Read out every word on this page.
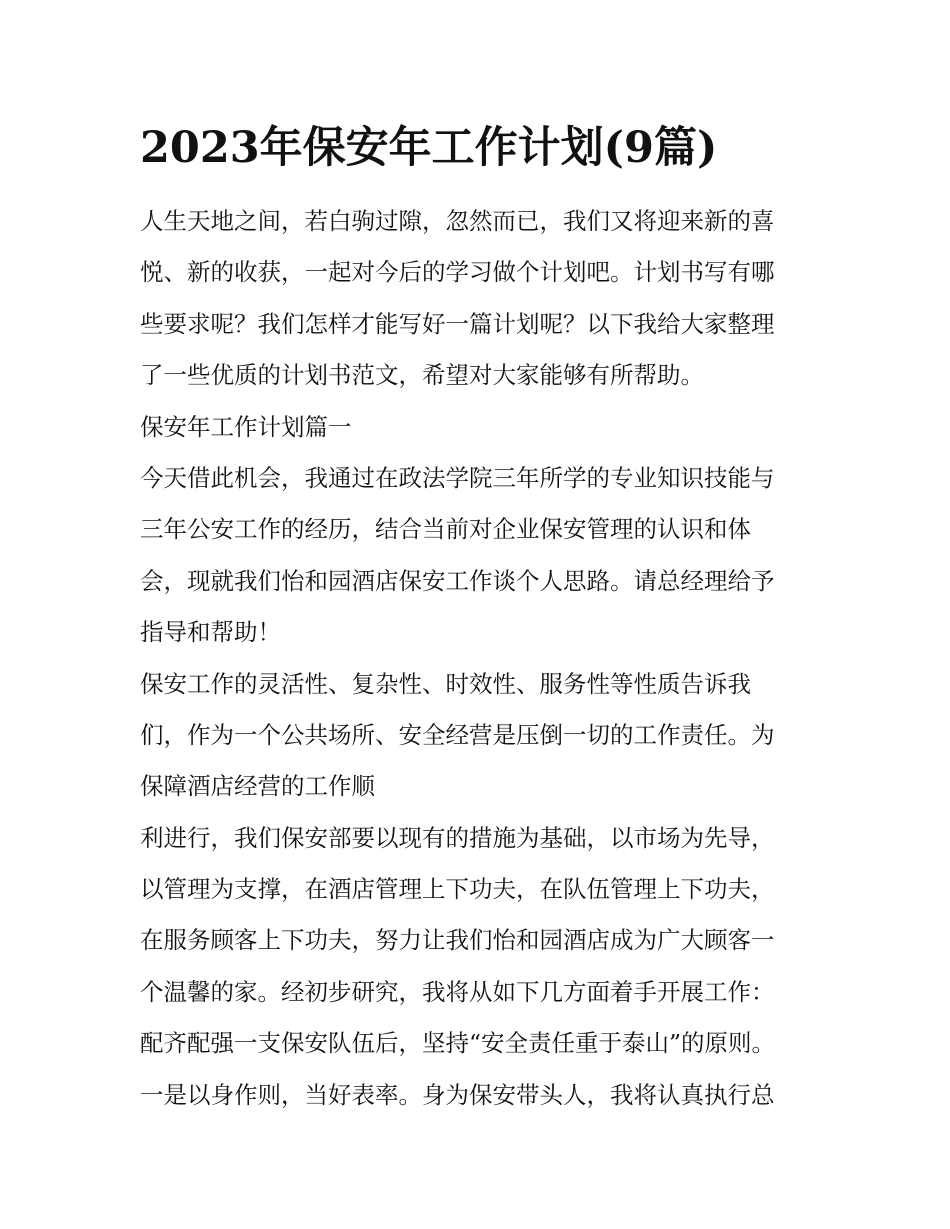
2023年保安年工作计划(9篇)
人生天地之间，若白驹过隙，忽然而已，我们又将迎来新的喜
悦、新的收获，一起对今后的学习做个计划吧。计划书写有哪
些要求呢？我们怎样才能写好一篇计划呢？以下我给大家整理
了一些优质的计划书范文，希望对大家能够有所帮助。
保安年工作计划篇一
今天借此机会，我通过在政法学院三年所学的专业知识技能与
三年公安工作的经历，结合当前对企业保安管理的认识和体
会，现就我们怡和园酒店保安工作谈个人思路。请总经理给予
指导和帮助！
保安工作的灵活性、复杂性、时效性、服务性等性质告诉我
们，作为一个公共场所、安全经营是压倒一切的工作责任。为
保障酒店经营的工作顺
利进行，我们保安部要以现有的措施为基础，以市场为先导，
以管理为支撑，在酒店管理上下功夫，在队伍管理上下功夫，
在服务顾客上下功夫，努力让我们怡和园酒店成为广大顾客一
个温馨的家。经初步研究，我将从如下几方面着手开展工作：
配齐配强一支保安队伍后，坚持“安全责任重于泰山”的原则。
一是以身作则，当好表率。身为保安带头人，我将认真执行总
